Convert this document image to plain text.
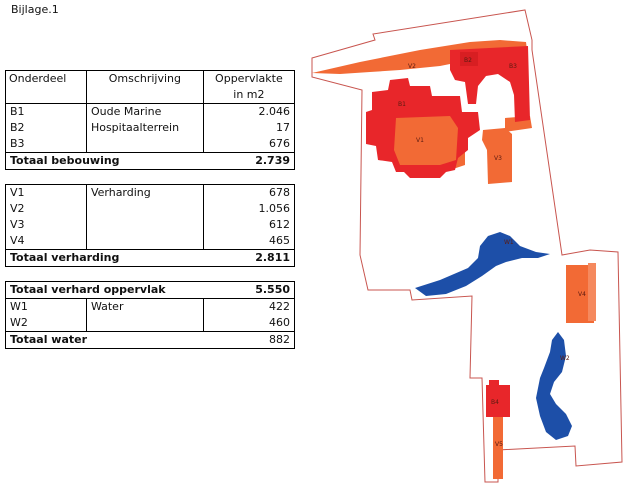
Bijlage.1
Onderdeel	Omschrijving	Oppervlakte
in m2
B1	Oude Marine	2.046
B2	Hospitaalterrein	17
B3		676
Totaal bebouwing		2.739

V1	Verharding	678
V2		1.056
V3		612
V4		465
Totaal verharding		2.811

Totaal verhard oppervlak		5.550
W1	Water	422
W2		460
Totaal water		882
V2
B2
B3
B1
V1
V3
W1
V4
W2
B4
V5
